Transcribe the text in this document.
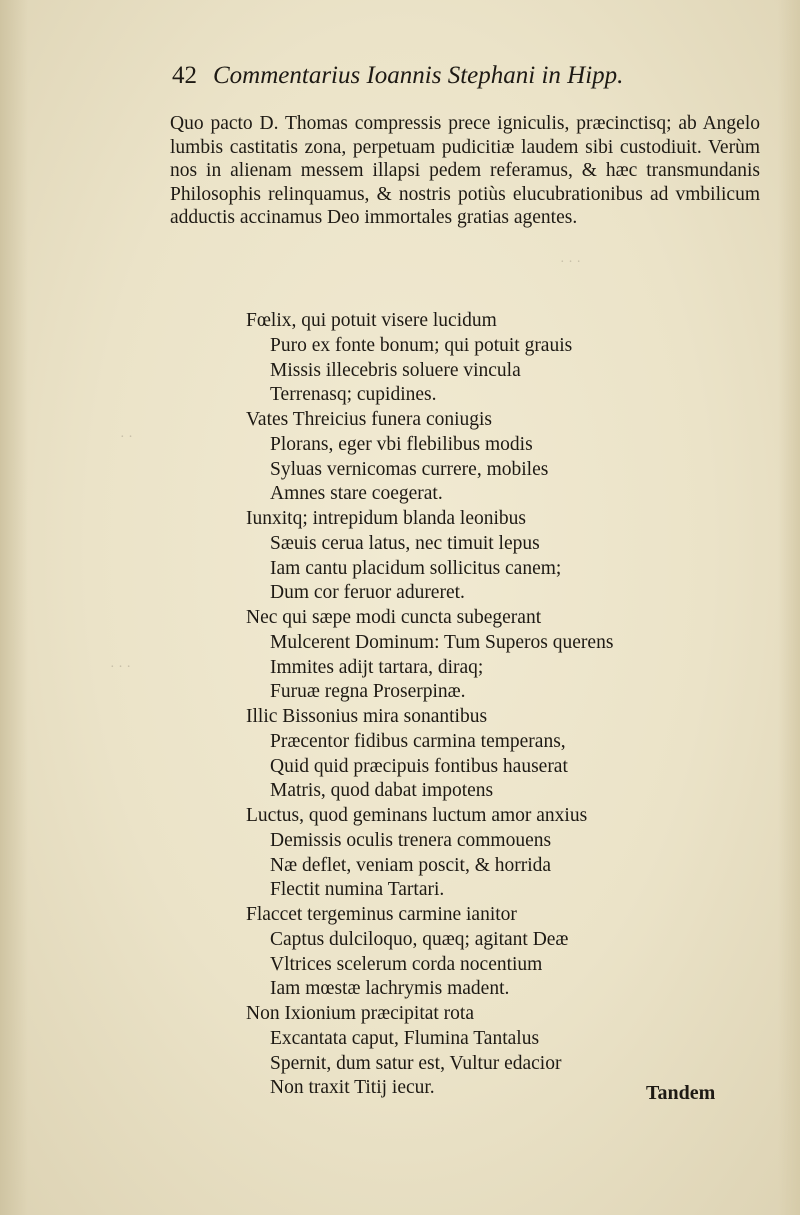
· · ·
· ·
· · ·
42 Commentarius Ioannis Stephani in Hipp.

Quo pacto D. Thomas compressis prece igniculis, præcinctisq; ab Angelo lumbis castitatis zona, perpetuam pudicitiæ laudem sibi custodiuit. Verùm nos in alienam messem illapsi pedem referamus, & hæc transmundanis Philosophis relinquamus, & nostris potiùs elucubrationibus ad vmbilicum adductis accinamus Deo immortales gratias agentes.

Fœlix, qui potuit visere lucidum
Puro ex fonte bonum; qui potuit grauis
Missis illecebris soluere vincula
Terrenasq; cupidines.
Vates Threicius funera coniugis
Plorans, eger vbi flebilibus modis
Syluas vernicomas currere, mobiles
Amnes stare coegerat.
Iunxitq; intrepidum blanda leonibus
Sæuis cerua latus, nec timuit lepus
Iam cantu placidum sollicitus canem;
Dum cor feruor adureret.
Nec qui sæpe modi cuncta subegerant
Mulcerent Dominum: Tum Superos querens
Immites adijt tartara, diraq;
Furuæ regna Proserpinæ.
Illic Bissonius mira sonantibus
Præcentor fidibus carmina temperans,
Quid quid præcipuis fontibus hauserat
Matris, quod dabat impotens
Luctus, quod geminans luctum amor anxius
Demissis oculis trenera commouens
Næ deflet, veniam poscit, & horrida
Flectit numina Tartari.
Flaccet tergeminus carmine ianitor
Captus dulciloquo, quæq; agitant Deæ
Vltrices scelerum corda nocentium
Iam mœstæ lachrymis madent.
Non Ixionium præcipitat rota
Excantata caput, Flumina Tantalus
Spernit, dum satur est, Vultur edacior
Non traxit Titij iecur.	Tandem
